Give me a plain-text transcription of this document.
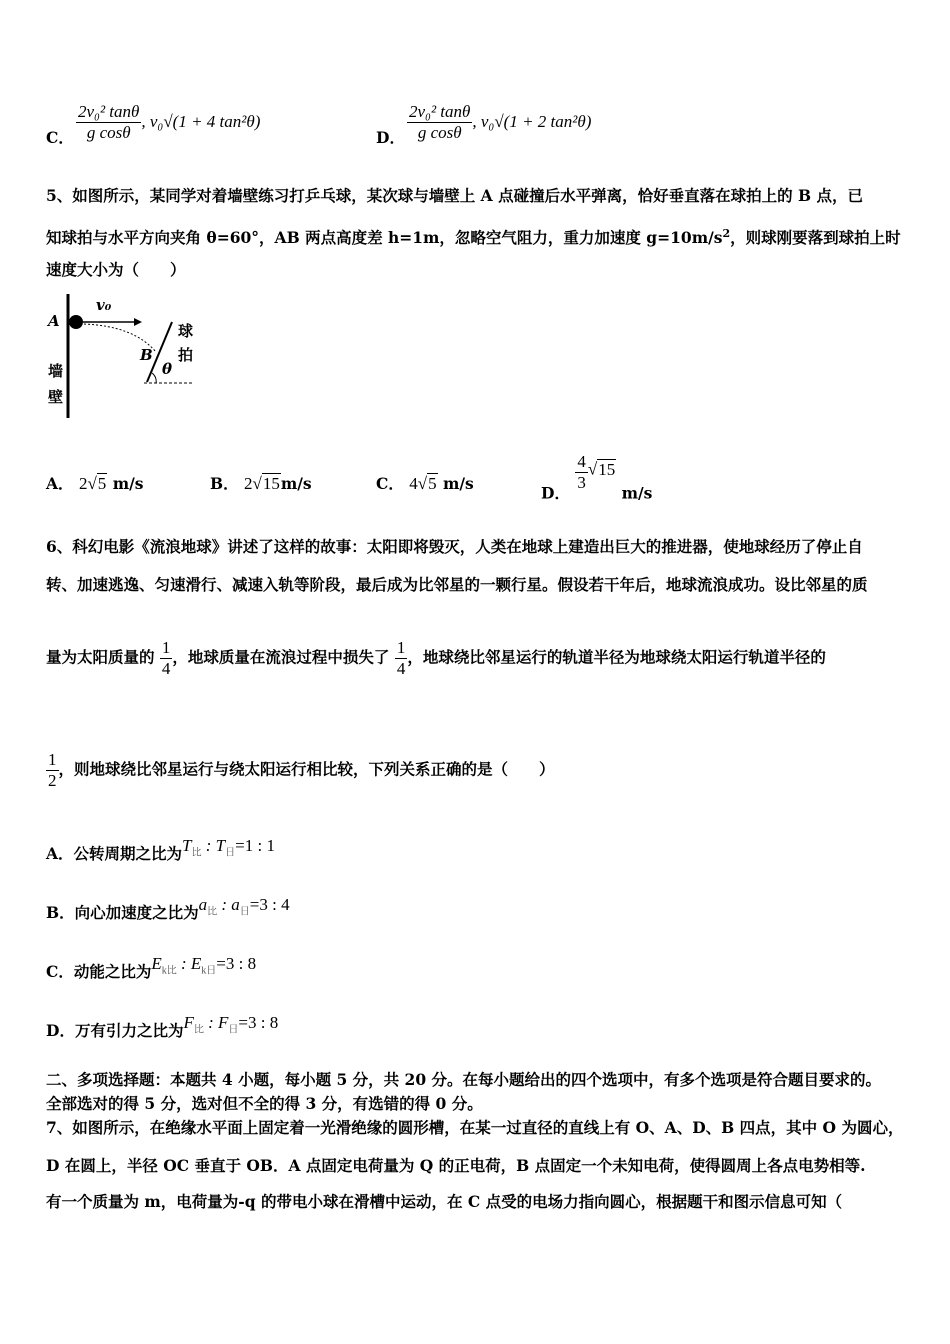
C． $\frac{\text{2v₀² tanθ}}{\text{g cosθ}}$ , v₀√(1 + 4 tan²θ)
D． $\frac{\text{2v₀² tanθ}}{\text{g cosθ}}$ , v₀√(1 + 2 tan²θ)
5、如图所示，某同学对着墙壁练习打乒乓球，某次球与墙壁上 A 点碰撞后水平弹离，恰好垂直落在球拍上的 B 点，已
知球拍与水平方向夹角 θ=60°，AB 两点高度差 h=1m，忽略空气阻力，重力加速度 $g=10m/s^2$，则球刚要落到球拍上时
速度大小为（　　）
A
v₀
B
θ
球
拍
墙
壁
A． 2√5 m/s	B． 2√15m/s	C． 4√5 m/s	D． $\frac{4}{3} √15$ m/s
6、科幻电影《流浪地球》讲述了这样的故事：太阳即将毁灭，人类在地球上建造出巨大的推进器，使地球经历了停止自
转、加速逃逸、匀速滑行、减速入轨等阶段，最后成为比邻星的一颗行星。假设若干年后，地球流浪成功。设比邻星的质
量为太阳质量的 $\frac{1}{4}$ ，地球质量在流浪过程中损失了 $\frac{1}{4}$ ，地球绕比邻星运行的轨道半径为地球绕太阳运行轨道半径的
$\frac{1}{2}$ ，则地球绕比邻星运行与绕太阳运行相比较，下列关系正确的是（　　）
A．公转周期之比为$T_比$ : $T_日=1$ : 1
B．向心加速度之比为$a_比$ : $a_日=3$ : 4
C．动能之比为$E_{k比}$ : $E_{k日}=3$ : 8
D．万有引力之比为$F_比$ : $F_日=3$ : 8
二、多项选择题：本题共 4 小题，每小题 5 分，共 20 分。在每小题给出的四个选项中，有多个选项是符合题目要求的。
全部选对的得 5 分，选对但不全的得 3 分，有选错的得 0 分。
7、如图所示，在绝缘水平面上固定着一光滑绝缘的圆形槽，在某一过直径的直线上有 O、A、D、B 四点，其中 O 为圆心，
D 在圆上，半径 OC 垂直于 OB．A 点固定电荷量为 Q 的正电荷，B 点固定一个未知电荷，使得圆周上各点电势相等.
有一个质量为 m，电荷量为-q 的带电小球在滑槽中运动，在 C 点受的电场力指向圆心，根据题干和图示信息可知（
